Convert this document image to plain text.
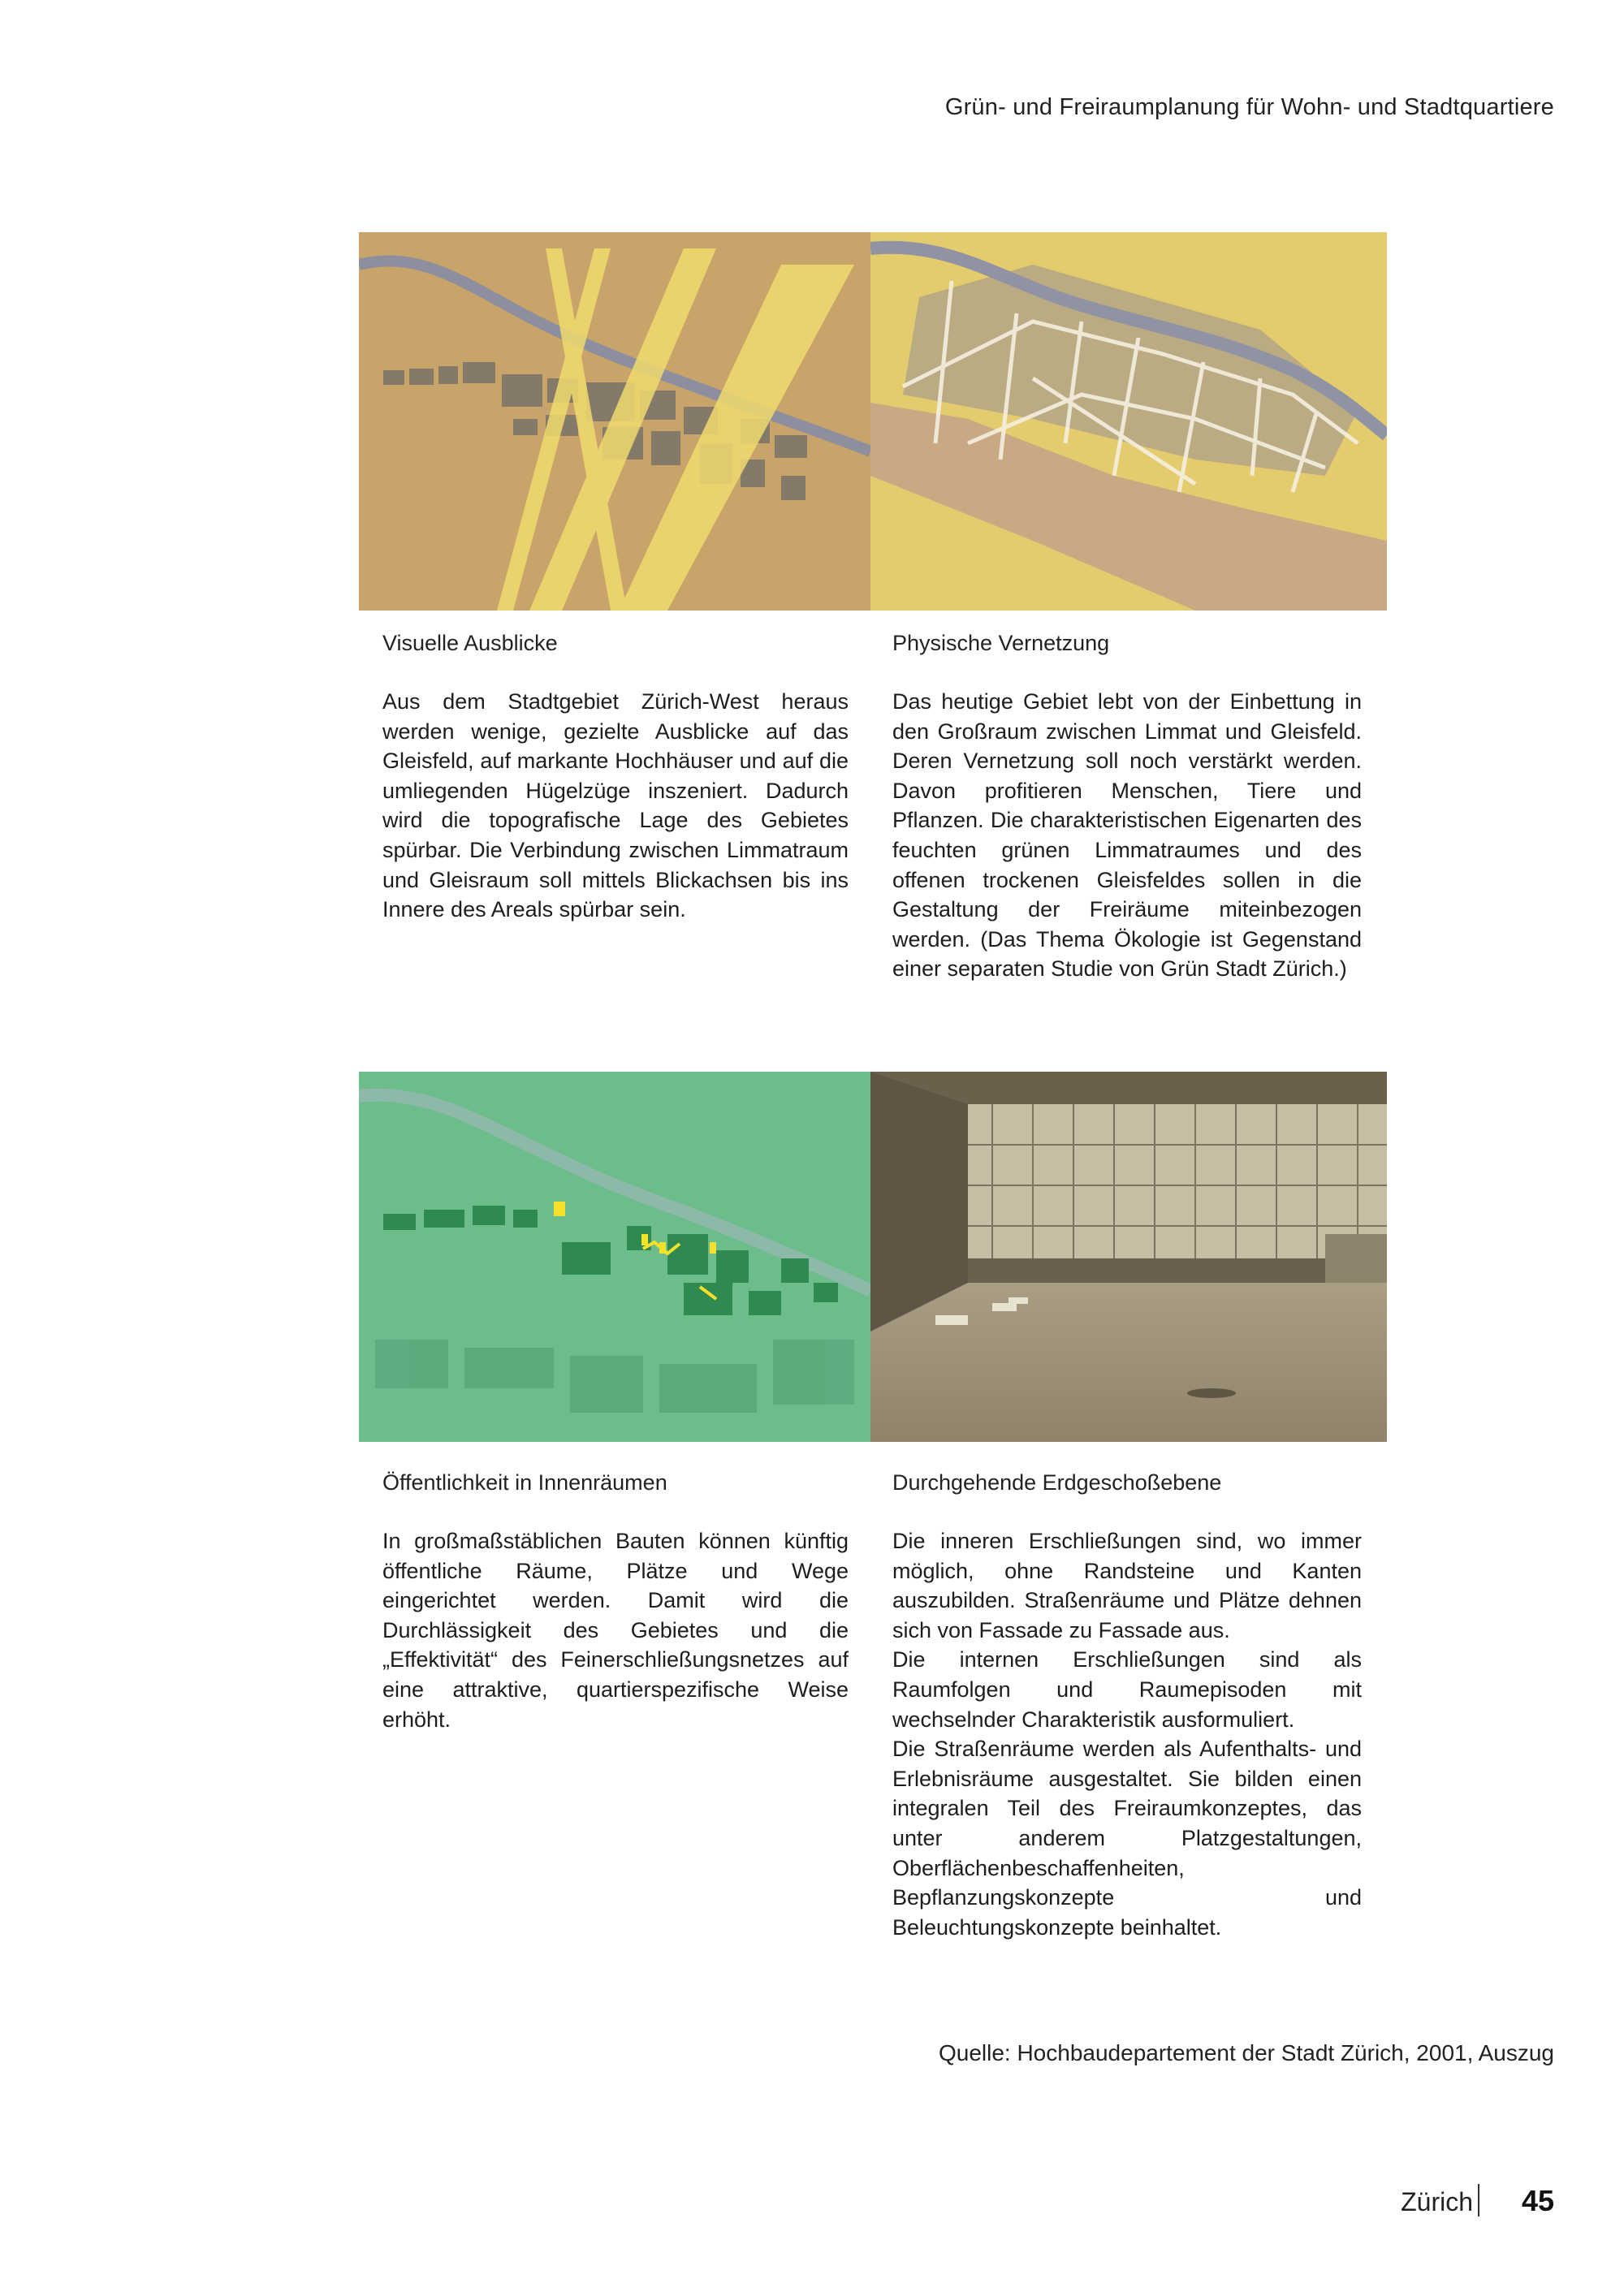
Grün- und Freiraumplanung für Wohn- und Stadtquartiere
Visuelle Ausblicke

Aus dem Stadtgebiet Zürich-West heraus werden wenige, gezielte Ausblicke auf das Gleisfeld, auf markante Hochhäuser und auf die umliegenden Hügelzüge inszeniert. Dadurch wird die topografische Lage des Gebietes spürbar. Die Verbindung zwischen Limmatraum und Gleisraum soll mittels Blickachsen bis ins Innere des Areals spürbar sein.

Physische Vernetzung

Das heutige Gebiet lebt von der Einbettung in den Großraum zwischen Limmat und Gleisfeld. Deren Vernetzung soll noch verstärkt werden. Davon profitieren Menschen, Tiere und Pflanzen. Die charakteristischen Eigenarten des feuchten grünen Limmatraumes und des offenen trockenen Gleisfeldes sollen in die Gestaltung der Freiräume miteinbezogen werden. (Das Thema Ökologie ist Gegenstand einer separaten Studie von Grün Stadt Zürich.)

Öffentlichkeit in Innenräumen

In großmaßstäblichen Bauten können künftig öffentliche Räume, Plätze und Wege eingerichtet werden. Damit wird die Durchlässigkeit des Gebietes und die „Effektivität“ des Feinerschließungsnetzes auf eine attraktive, quartierspezifische Weise erhöht.

Durchgehende Erdgeschoßebene

Die inneren Erschließungen sind, wo immer möglich, ohne Randsteine und Kanten auszubilden. Straßenräume und Plätze dehnen sich von Fassade zu Fassade aus.
Die internen Erschließungen sind als Raumfolgen und Raumepisoden mit wechselnder Charakteristik ausformuliert.
Die Straßenräume werden als Aufenthalts- und Erlebnisräume ausgestaltet. Sie bilden einen integralen Teil des Freiraumkonzeptes, das unter anderem Platzgestaltungen, Oberflächenbeschaffenheiten, Bepflanzungskonzepte und Beleuchtungskonzepte beinhaltet.

Quelle: Hochbaudepartement der Stadt Zürich, 2001, Auszug
Zürich 45
